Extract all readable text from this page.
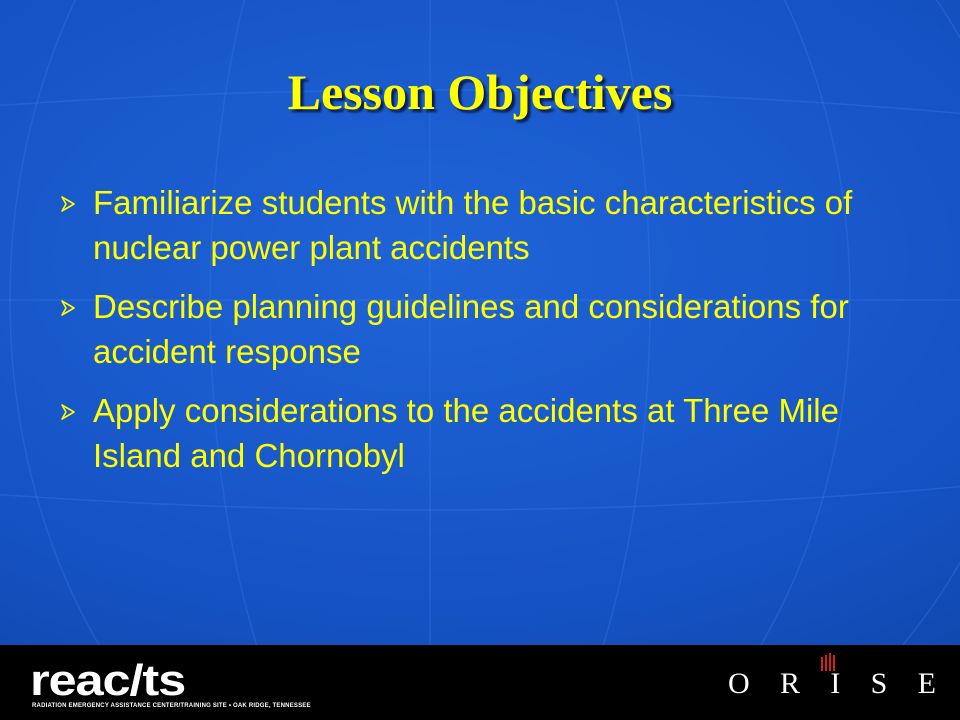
Lesson Objectives
Familiarize students with the basic characteristics of nuclear power plant accidents
Describe planning guidelines and considerations for accident response
Apply considerations to the accidents at Three Mile Island and Chornobyl
reac/ts
RADIATION EMERGENCY ASSISTANCE CENTER/TRAINING SITE • OAK RIDGE, TENNESSEE
O R I S E
